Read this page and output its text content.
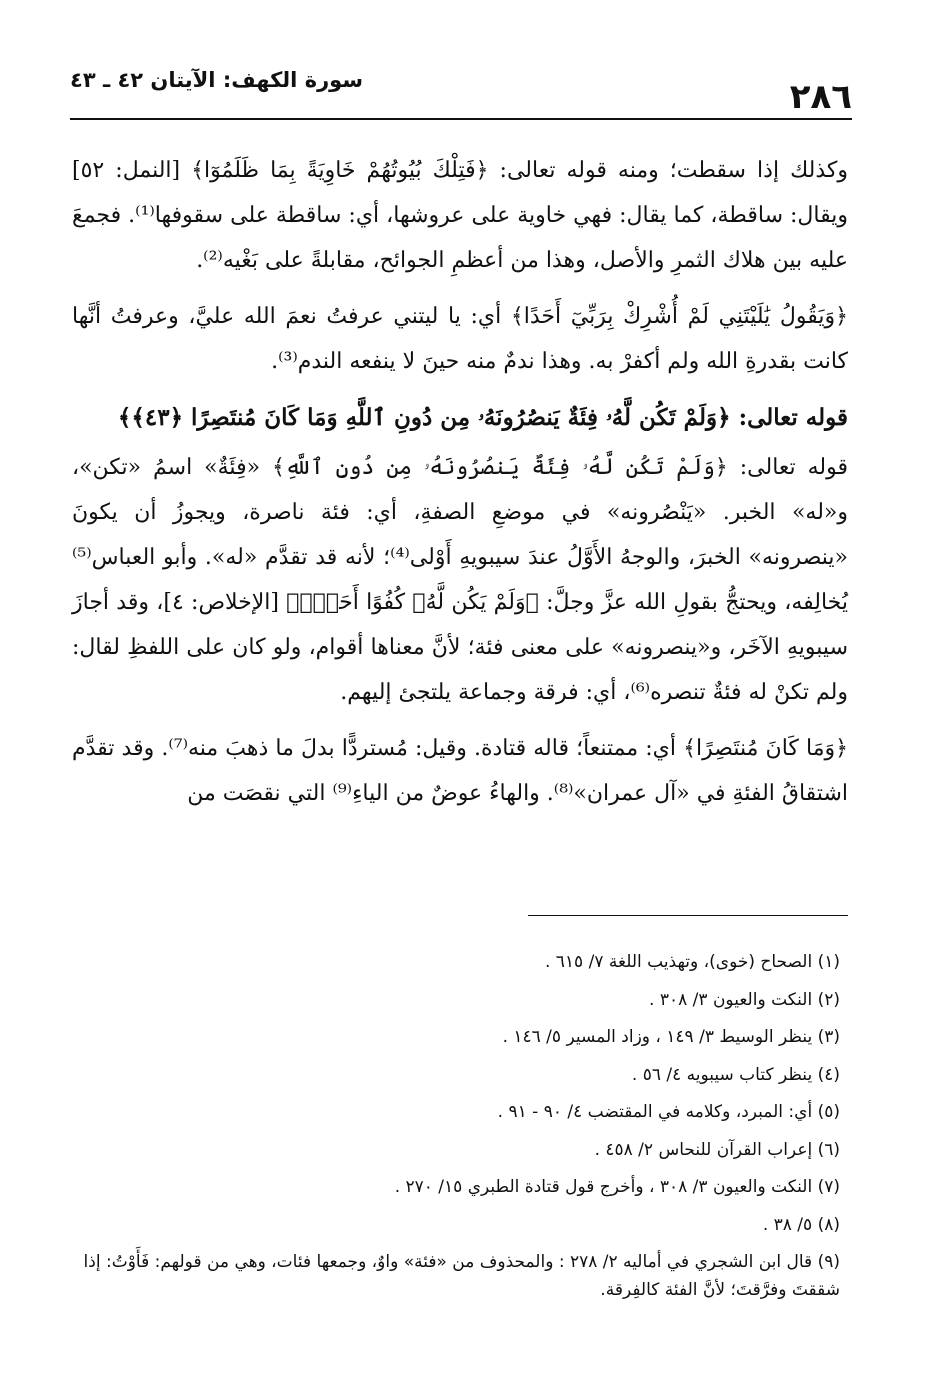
٢٨٦
سورة الكهف: الآيتان ٤٢ ـ ٤٣

وكذلك إذا سقطت؛ ومنه قوله تعالى: ﴿ فَتِلْكَ بُيُوتُهُمْ خَاوِيَةً بِمَا ظَلَمُوٓا ﴾ [النمل: ٥٢] ويقال: ساقطة، كما يقال: فهي خاوية على عروشها، أي: ساقطة على سقوفها⁽¹⁾. فجمعَ عليه بين هلاك الثمرِ والأصل، وهذا من أعظمِ الجوائح، مقابلةً على بَغْيه⁽²⁾.

﴿ وَيَقُولُ يَٰلَيْتَنِي لَمْ أُشْرِكْ بِرَبِّيٓ أَحَدًا ﴾ أي: يا ليتني عرفتُ نعمَ الله عليَّ، وعرفتُ أنَّها كانت بقدرةِ الله ولم أكفرْ به. وهذا ندمٌ منه حينَ لا ينفعه الندم⁽³⁾.

قوله تعالى: ﴿ وَلَمْ تَكُن لَّهُۥ فِئَةٌ يَنصُرُونَهُۥ مِن دُونِ ٱللَّهِ وَمَا كَانَ مُنتَصِرًا ﴿٤٣﴾ ﴾

قوله تعالى: ﴿ وَلَمْ تَكُن لَّهُۥ فِئَةٌ يَنصُرُونَهُۥ مِن دُونِ ٱللَّهِ ﴾ «فِئَةٌ» اسمُ «تكن»، و«له» الخبر. «يَنْصُرونه» في موضعِ الصفةِ، أي: فئة ناصرة، ويجوزُ أن يكونَ «ينصرونه» الخبرَ، والوجهُ الأَوَّلُ عندَ سيبويهِ أَوْلى⁽⁴⁾؛ لأنه قد تقدَّم «له». وأبو العباس⁽⁵⁾ يُخالِفه، ويحتجُّ بقولِ الله عزَّ وجلَّ: ﴿ وَلَمْ يَكُن لَّهُۥ كُفُوًا أَحَدٌۢ ﴾ [الإخلاص: ٤]، وقد أجازَ سيبويهِ الآخَر، و«ينصرونه» على معنى فئة؛ لأنَّ معناها أقوام، ولو كان على اللفظِ لقال: ولم تكنْ له فئةٌ تنصره⁽⁶⁾، أي: فرقة وجماعة يلتجئ إليهم.

﴿ وَمَا كَانَ مُنتَصِرًا ﴾ أي: ممتنعاً؛ قاله قتادة. وقيل: مُستردًّا بدلَ ما ذهبَ منه⁽⁷⁾. وقد تقدَّم اشتقاقُ الفئةِ في «آل عمران»⁽⁸⁾. والهاءُ عوضٌ من الياءِ⁽⁹⁾ التي نقصَت من

(١) الصحاح (خوى)، وتهذيب اللغة ٧/ ٦١٥ .

(٢) النكت والعيون ٣/ ٣٠٨ .

(٣) ينظر الوسيط ٣/ ١٤٩ ، وزاد المسير ٥/ ١٤٦ .

(٤) ينظر كتاب سيبويه ٤/ ٥٦ .

(٥) أي: المبرد، وكلامه في المقتضب ٤/ ٩٠ - ٩١ .

(٦) إعراب القرآن للنحاس ٢/ ٤٥٨ .

(٧) النكت والعيون ٣/ ٣٠٨ ، وأخرج قول قتادة الطبري ١٥/ ٢٧٠ .

(٨) ٥/ ٣٨ .

(٩) قال ابن الشجري في أماليه ٢/ ٢٧٨ : والمحذوف من «فئة» واوٌ، وجمعها فئات، وهي من قولهم: فَأَوْتُ: إذا شققتَ وفرَّقتَ؛ لأنَّ الفئة كالفِرقة.
